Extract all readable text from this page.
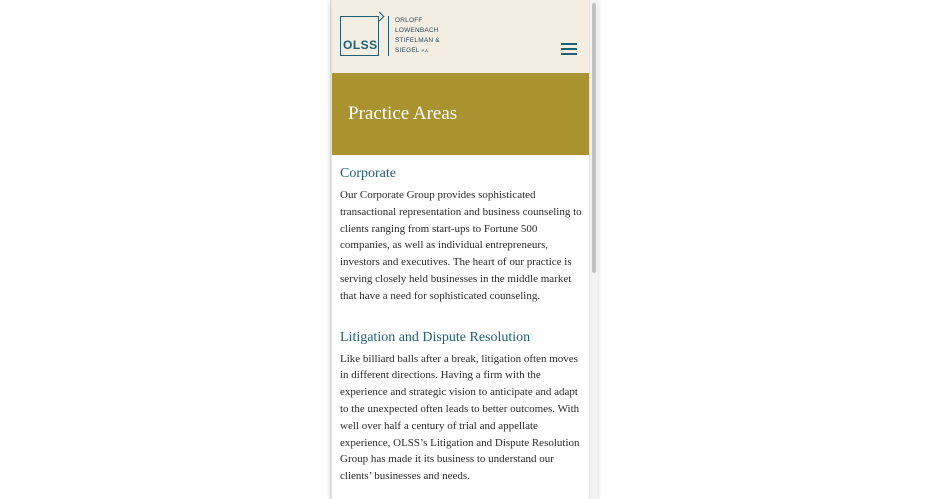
OLSS
ORLOFF
LOWENBACH
STIFELMAN &
SIEGEL P.A.
Practice Areas
Corporate

Our Corporate Group provides sophisticated transactional representation and business counseling to clients ranging from start-ups to Fortune 500 companies, as well as individual entrepreneurs, investors and executives. The heart of our practice is serving closely held businesses in the middle market that have a need for sophisticated counseling.

Litigation and Dispute Resolution

Like billiard balls after a break, litigation often moves in different directions. Having a firm with the experience and strategic vision to anticipate and adapt to the unexpected often leads to better outcomes. With well over half a century of trial and appellate experience, OLSS’s Litigation and Dispute Resolution Group has made it its business to understand our clients’ businesses and needs.
